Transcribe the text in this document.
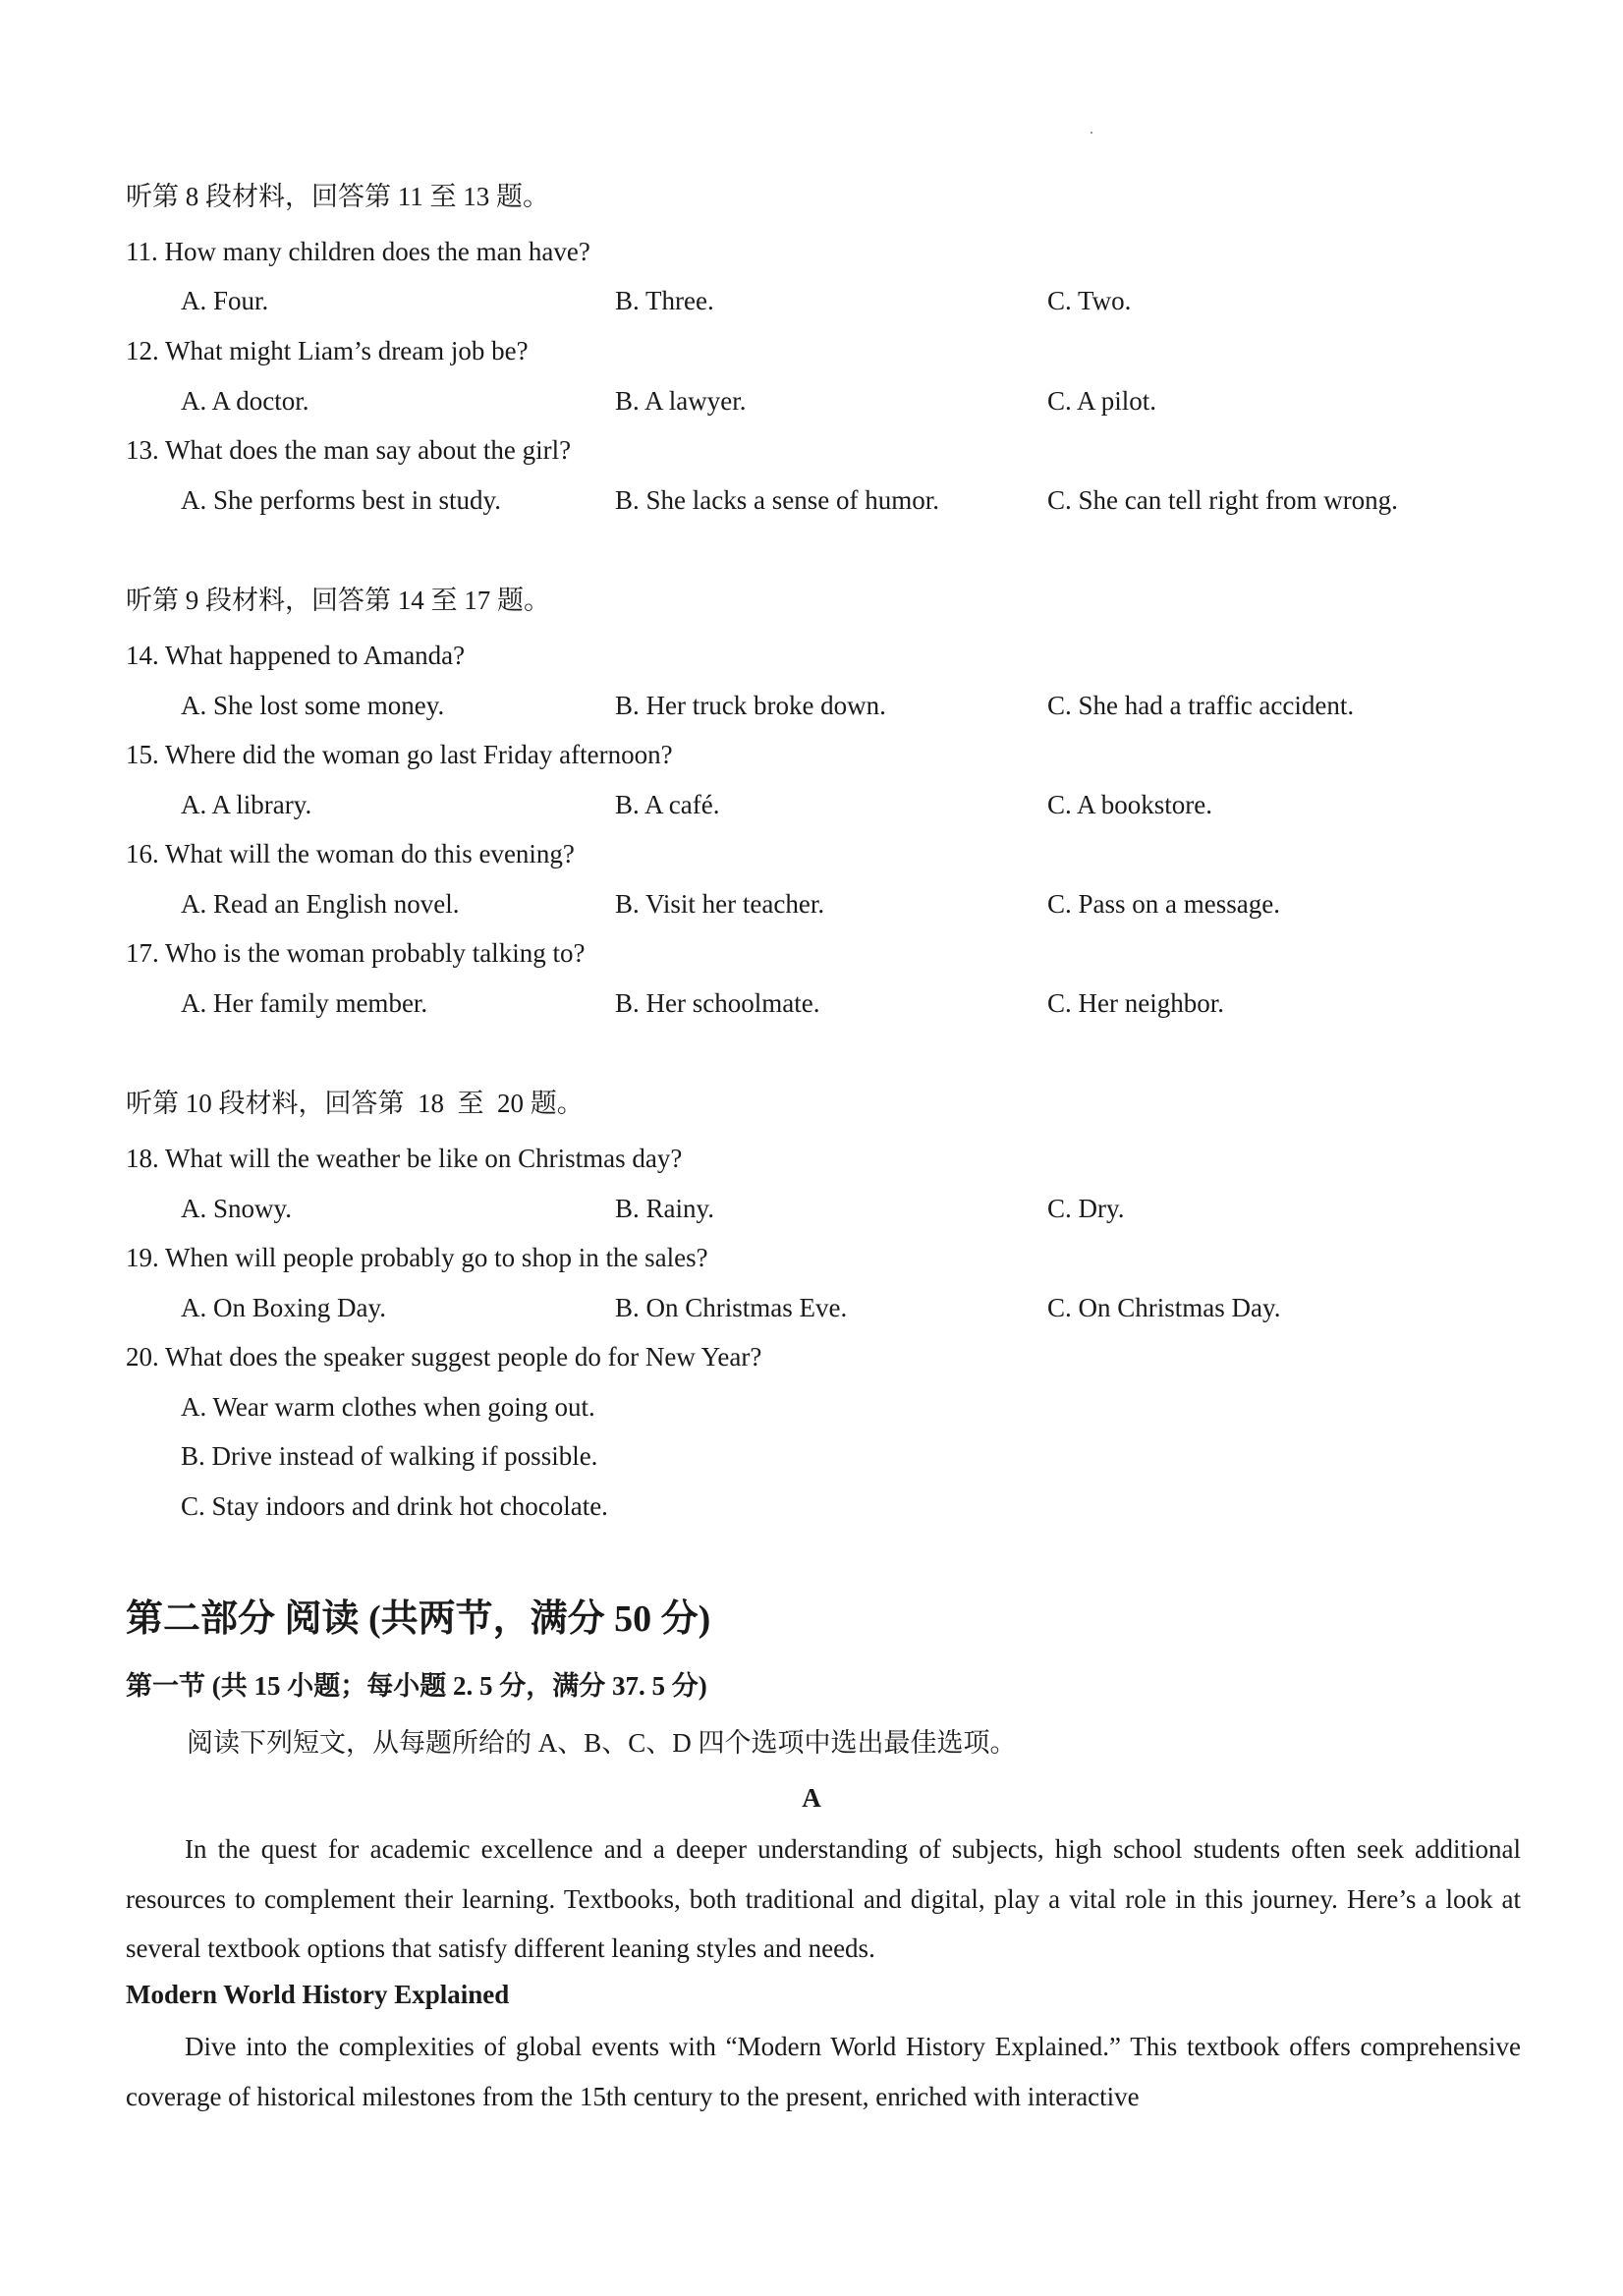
听第 8 段材料，回答第 11 至 13 题。
11. How many children does the man have?
A. Four.	B. Three.	C. Two.
12. What might Liam’s dream job be?
A. A doctor.	B. A lawyer.	C. A pilot.
13. What does the man say about the girl?
A. She performs best in study.	B. She lacks a sense of humor.	C. She can tell right from wrong.
听第 9 段材料，回答第 14 至 17 题。
14. What happened to Amanda?
A. She lost some money.	B. Her truck broke down.	C. She had a traffic accident.
15. Where did the woman go last Friday afternoon?
A. A library.	B. A café.	C. A bookstore.
16. What will the woman do this evening?
A. Read an English novel.	B. Visit her teacher.	C. Pass on a message.
17. Who is the woman probably talking to?
A. Her family member.	B. Her schoolmate.	C. Her neighbor.
听第 10 段材料，回答第  18  至  20 题。
18. What will the weather be like on Christmas day?
A. Snowy.	B. Rainy.	C. Dry.
19. When will people probably go to shop in the sales?
A. On Boxing Day.	B. On Christmas Eve.	C. On Christmas Day.
20. What does the speaker suggest people do for New Year?
A. Wear warm clothes when going out.
B. Drive instead of walking if possible.
C. Stay indoors and drink hot chocolate.
第二部分 阅读 (共两节，满分 50 分)
第一节 (共 15 小题；每小题 2. 5 分，满分 37. 5 分)
阅读下列短文，从每题所给的 A、B、C、D 四个选项中选出最佳选项。
A
In the quest for academic excellence and a deeper understanding of subjects, high school students often seek additional resources to complement their learning. Textbooks, both traditional and digital, play a vital role in this journey. Here’s a look at several textbook options that satisfy different leaning styles and needs.
Modern World History Explained
Dive into the complexities of global events with “Modern World History Explained.” This textbook offers comprehensive coverage of historical milestones from the 15th century to the present, enriched with interactive
